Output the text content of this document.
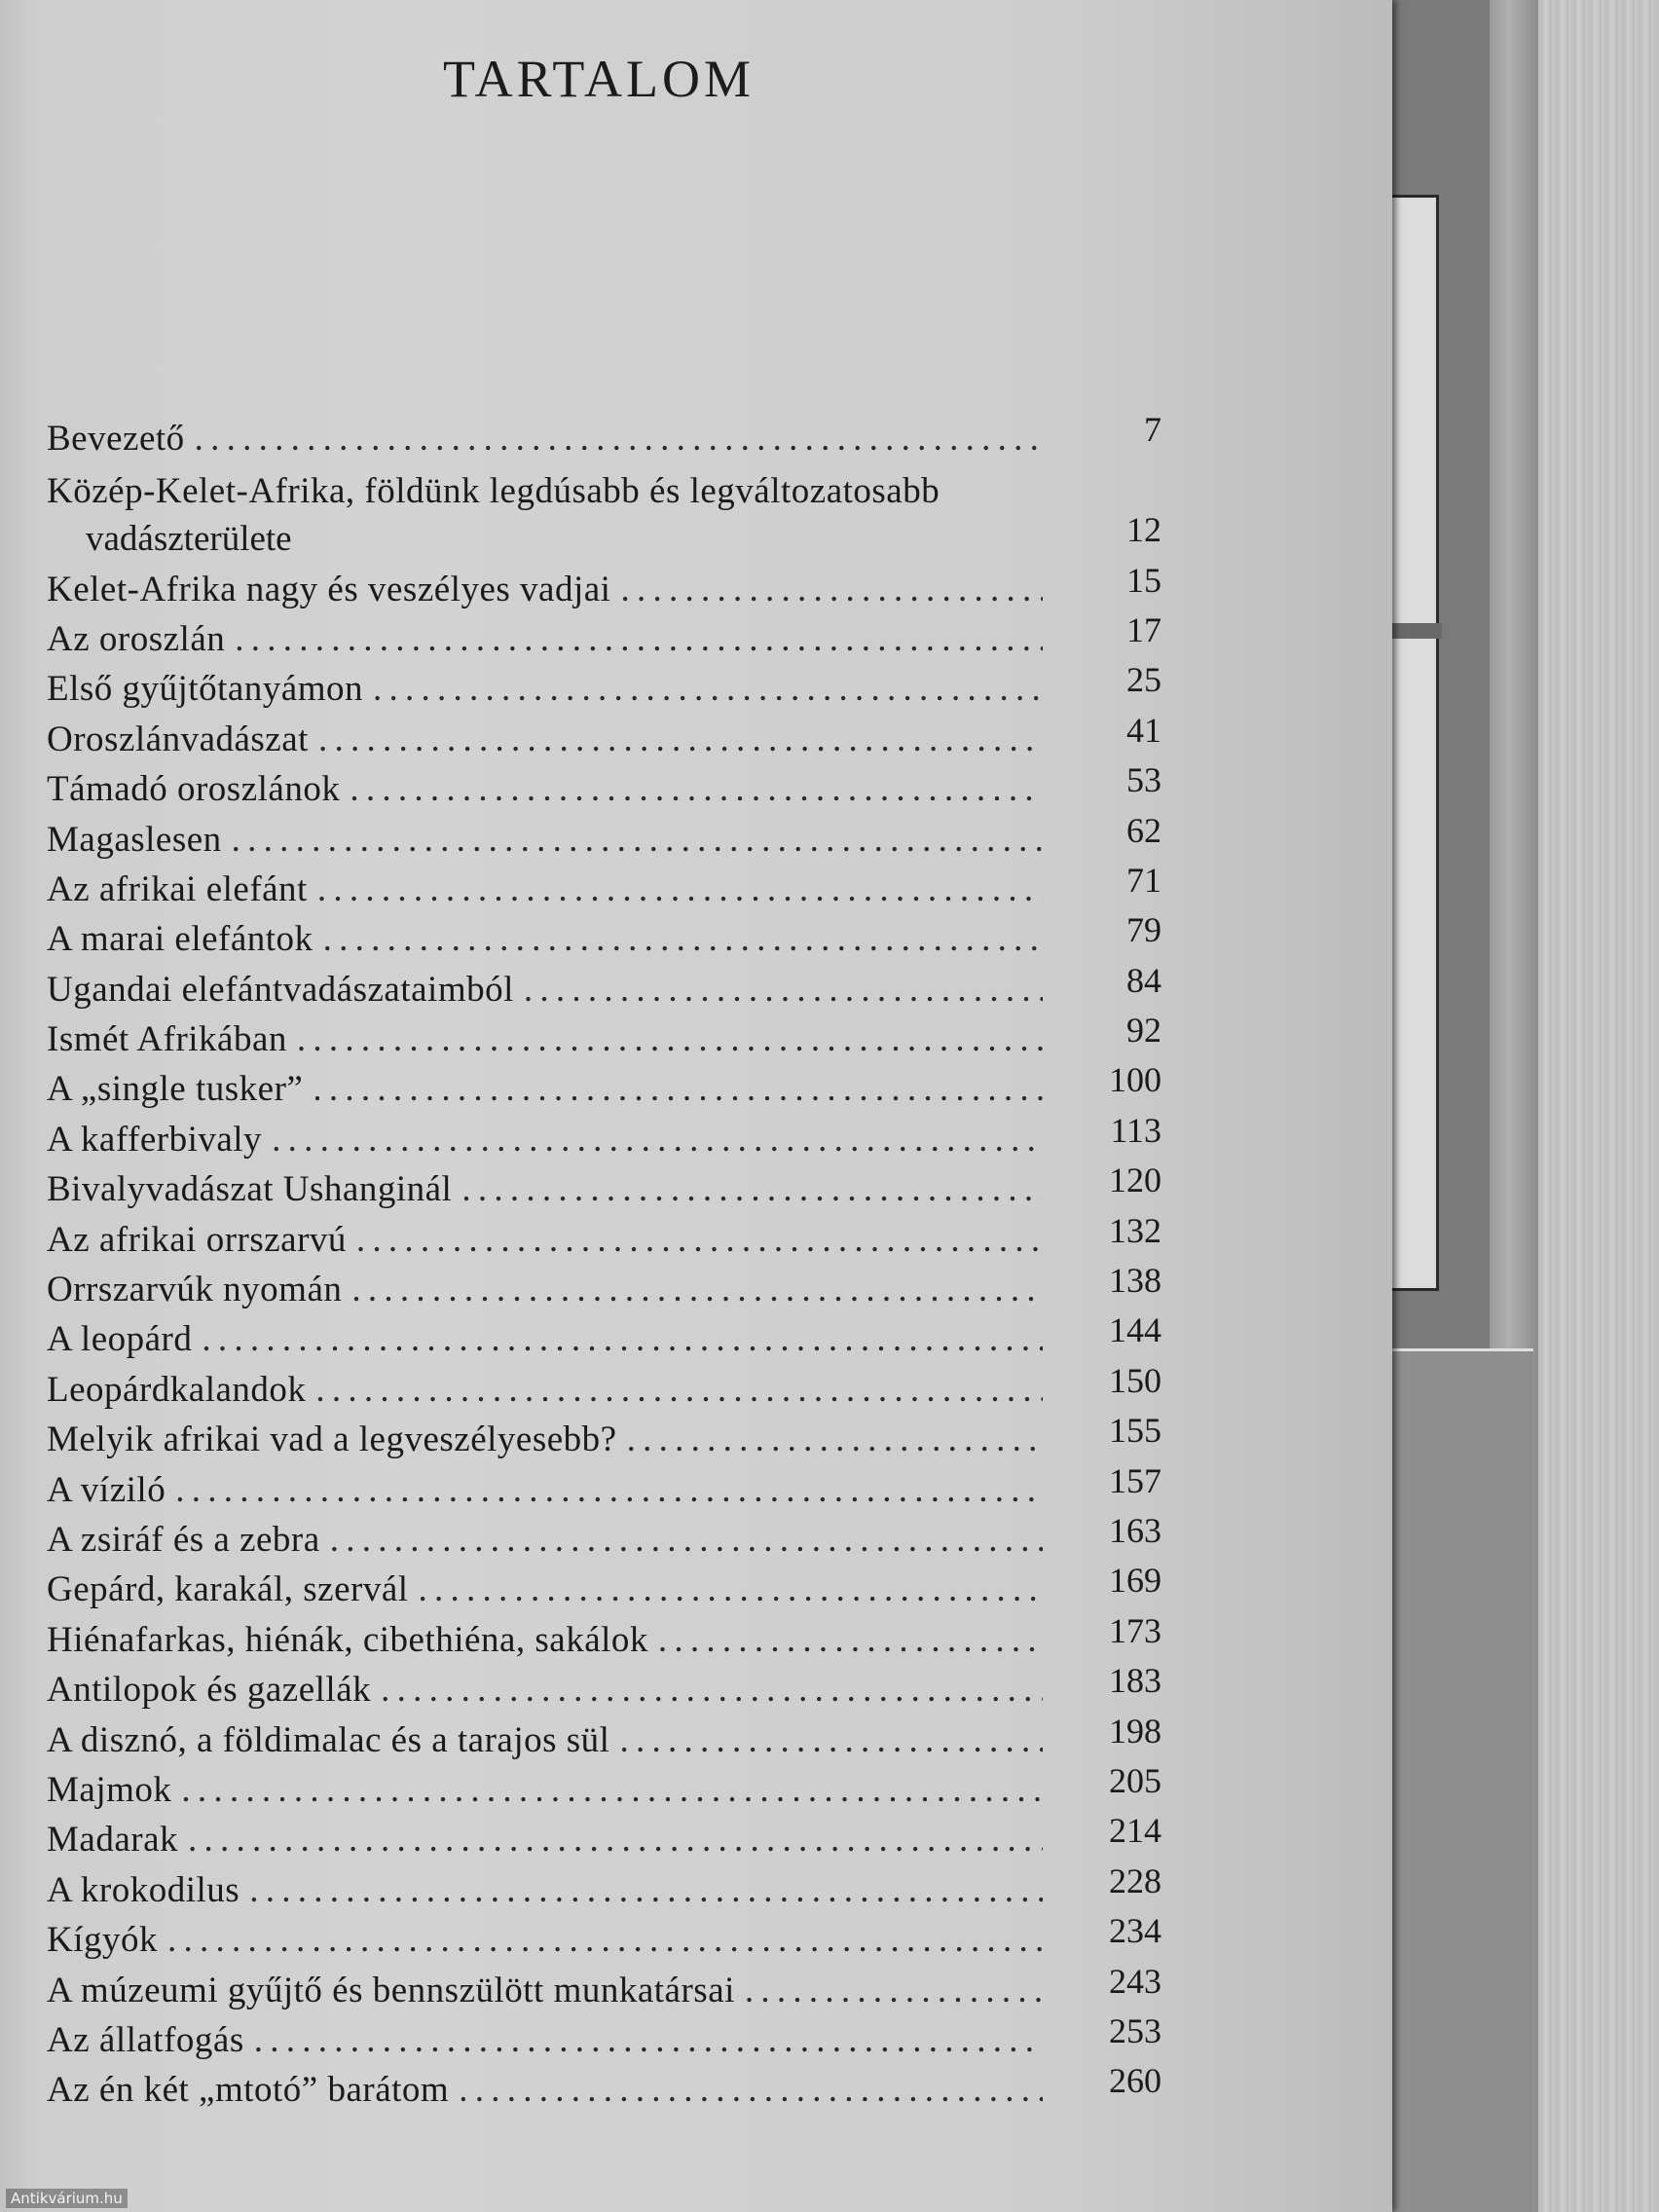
TARTALOM
Bevezető . . .	7
Közép-Kelet-Afrika, földünk legdúsabb és legváltozatosabb
vadászterülete	12
Kelet-Afrika nagy és veszélyes vadjai . . .	15
Az oroszlán . . .	17
Első gyűjtőtanyámon . . .	25
Oroszlánvadászat . . .	41
Támadó oroszlánok . . .	53
Magaslesen . . .	62
Az afrikai elefánt . . .	71
A marai elefántok . . .	79
Ugandai elefántvadászataimból . . .	84
Ismét Afrikában . . .	92
A „single tusker” . . .	100
A kafferbivaly . . .	113
Bivalyvadászat Ushanginál . . .	120
Az afrikai orrszarvú . . .	132
Orrszarvúk nyomán . . .	138
A leopárd . . .	144
Leopárdkalandok . . .	150
Melyik afrikai vad a legveszélyesebb? . . .	155
A víziló . . .	157
A zsiráf és a zebra . . .	163
Gepárd, karakál, szervál . . .	169
Hiénafarkas, hiénák, cibethiéna, sakálok . . .	173
Antilopok és gazellák . . .	183
A disznó, a földimalac és a tarajos sül . . .	198
Majmok . . .	205
Madarak . . .	214
A krokodilus . . .	228
Kígyók . . .	234
A múzeumi gyűjtő és bennszülött munkatársai . . .	243
Az állatfogás . . .	253
Az én két „mtotó” barátom . . .	260
Antikvárium.hu
